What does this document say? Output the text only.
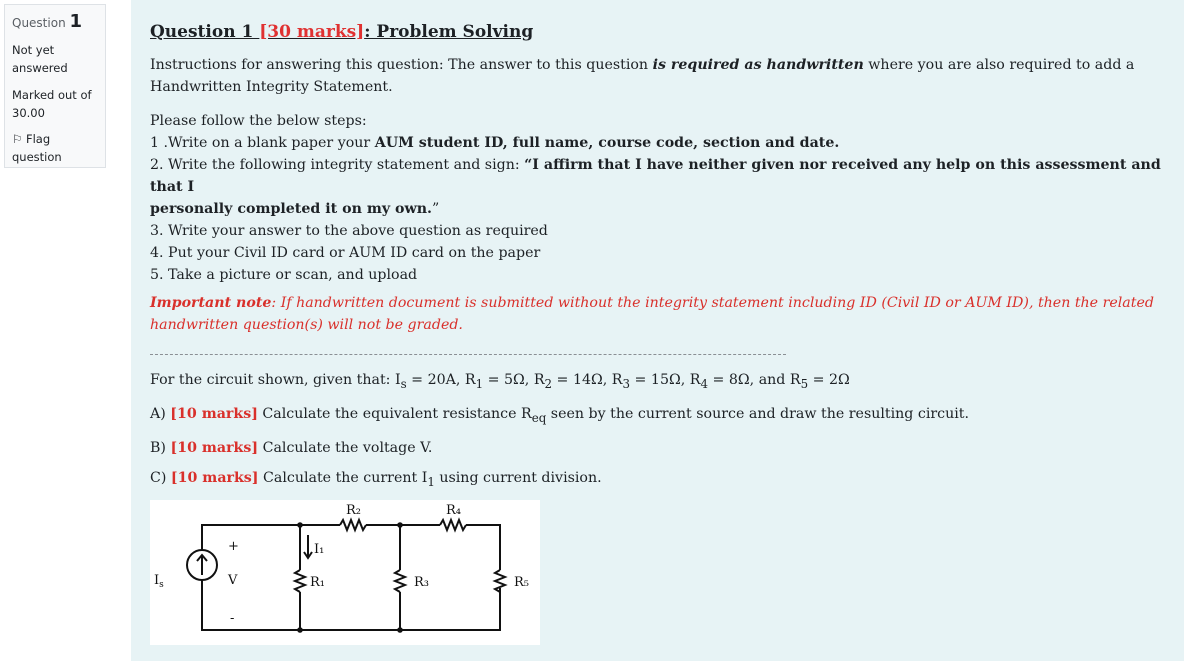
Question 1
Not yet
answered
Marked out of
30.00
⚐ Flag
question
Question 1 [30 marks]: Problem Solving

Instructions for answering this question: The answer to this question is required as handwritten where you are also required to add a

Handwritten Integrity Statement.

Please follow the below steps:

1 .Write on a blank paper your AUM student ID, full name, course code, section and date.

2. Write the following integrity statement and sign: “I affirm that I have neither given nor received any help on this assessment and that I

personally completed it on my own.”

3. Write your answer to the above question as required

4. Put your Civil ID card or AUM ID card on the paper

5. Take a picture or scan, and upload

Important note: If handwritten document is submitted without the integrity statement including ID (Civil ID or AUM ID), then the related

handwritten question(s) will not be graded.

For the circuit shown, given that: $I_s = 20A$, $R_1 = 5\Omega$, $R_2 = 14\Omega$, $R_3 = 15\Omega$, $R_4 = 8\Omega$, and $R_5 = 2\Omega$

A) [10 marks] Calculate the equivalent resistance $R_{eq}$ seen by the current source and draw the resulting circuit.

B) [10 marks] Calculate the voltage V.

C) [10 marks] Calculate the current $I_1$ using current division.

R₂	R₄
R₁	R₃	R₅
I₁
$I_s$	V
+
-
